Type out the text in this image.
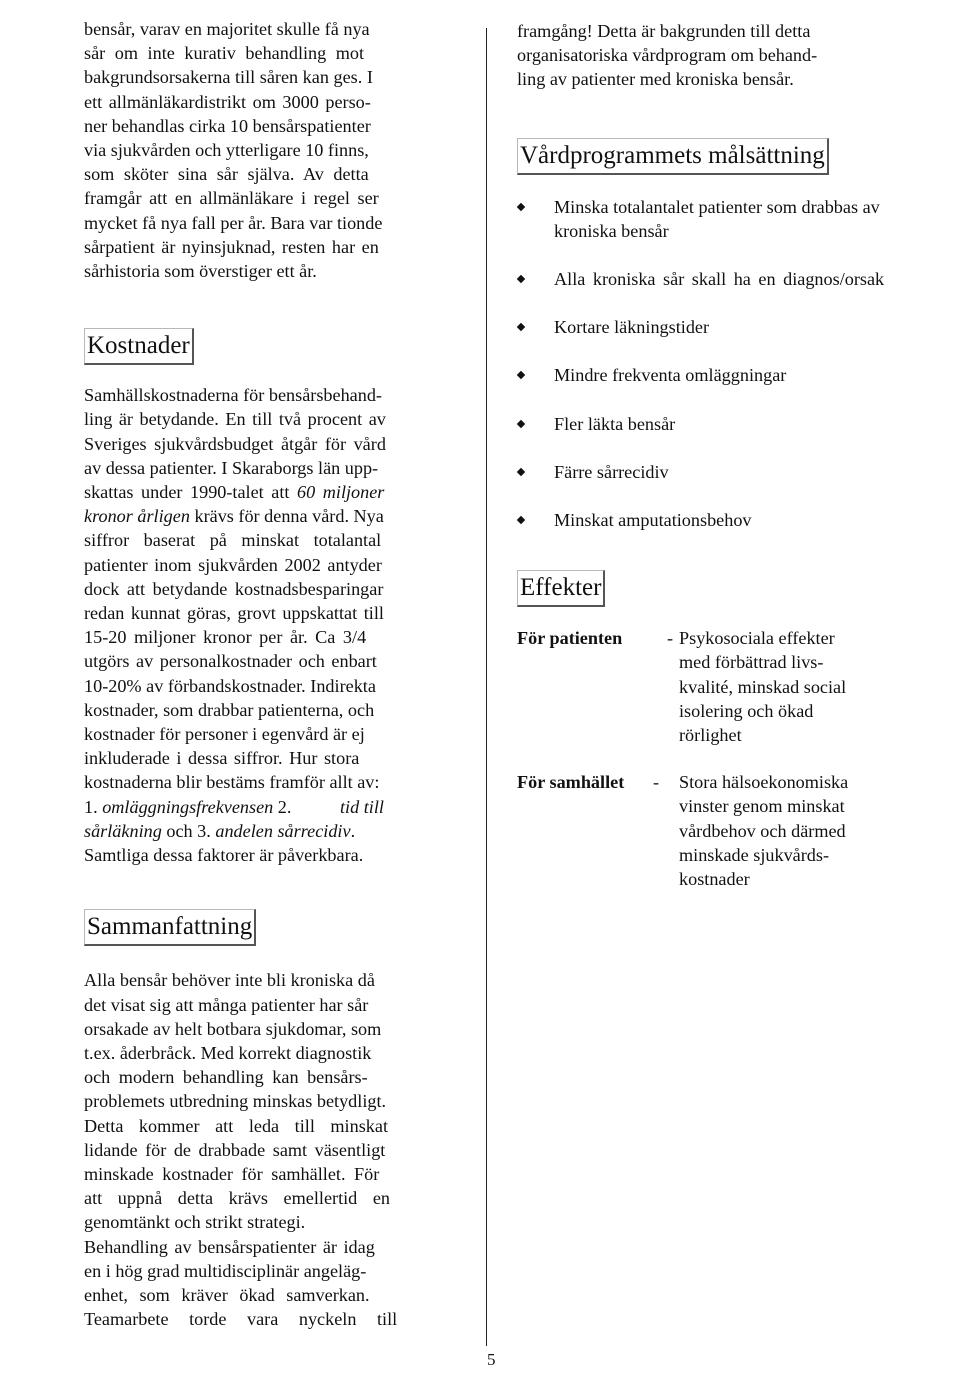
bensår, varav en majoritet skulle få nya
sår om inte kurativ behandling mot
bakgrundsorsakerna till såren kan ges. I
ett allmänläkardistrikt om 3000 perso-
ner behandlas cirka 10 bensårspatienter
via sjukvården och ytterligare 10 finns,
som sköter sina sår själva. Av detta
framgår att en allmänläkare i regel ser
mycket få nya fall per år. Bara var tionde
sårpatient är nyinsjuknad, resten har en
sårhistoria som överstiger ett år.
Kostnader
Samhällskostnaderna för bensårsbehand-
ling är betydande. En till två procent av
Sveriges sjukvårdsbudget åtgår för vård
av dessa patienter. I Skaraborgs län upp-
skattas under 1990-talet att 60 miljoner
kronor årligen krävs för denna vård. Nya
siffror baserat på minskat totalantal
patienter inom sjukvården 2002 antyder
dock att betydande kostnadsbesparingar
redan kunnat göras, grovt uppskattat till
15-20 miljoner kronor per år. Ca 3/4
utgörs av personalkostnader och enbart
10-20% av förbandskostnader. Indirekta
kostnader, som drabbar patienterna, och
kostnader för personer i egenvård är ej
inkluderade i dessa siffror. Hur stora
kostnaderna blir bestäms framför allt av:
1. omläggningsfrekvensen 2. tid till
sårläkning och 3. andelen sårrecidiv.
Samtliga dessa faktorer är påverkbara.
Sammanfattning
Alla bensår behöver inte bli kroniska då
det visat sig att många patienter har sår
orsakade av helt botbara sjukdomar, som
t.ex. åderbråck. Med korrekt diagnostik
och modern behandling kan bensårs-
problemets utbredning minskas betydligt.
Detta kommer att leda till minskat
lidande för de drabbade samt väsentligt
minskade kostnader för samhället. För
att uppnå detta krävs emellertid en
genomtänkt och strikt strategi.
Behandling av bensårspatienter är idag
en i hög grad multidisciplinär angeläg-
enhet, som kräver ökad samverkan.
Teamarbete torde vara nyckeln till
5
framgång! Detta är bakgrunden till detta
organisatoriska vårdprogram om behand-
ling av patienter med kroniska bensår.
Vårdprogrammets målsättning
Minska totalantalet patienter som drabbas av
kroniska bensår
Alla kroniska sår skall ha en diagnos/orsak
Kortare läkningstider
Mindre frekventa omläggningar
Fler läkta bensår
Färre sårrecidiv
Minskat amputationsbehov
Effekter
För patienten - Psykosociala effekter
med förbättrad livs-
kvalité, minskad social
isolering och ökad
rörlighet
För samhället - Stora hälsoekonomiska
vinster genom minskat
vårdbehov och därmed
minskade sjukvårds-
kostnader
